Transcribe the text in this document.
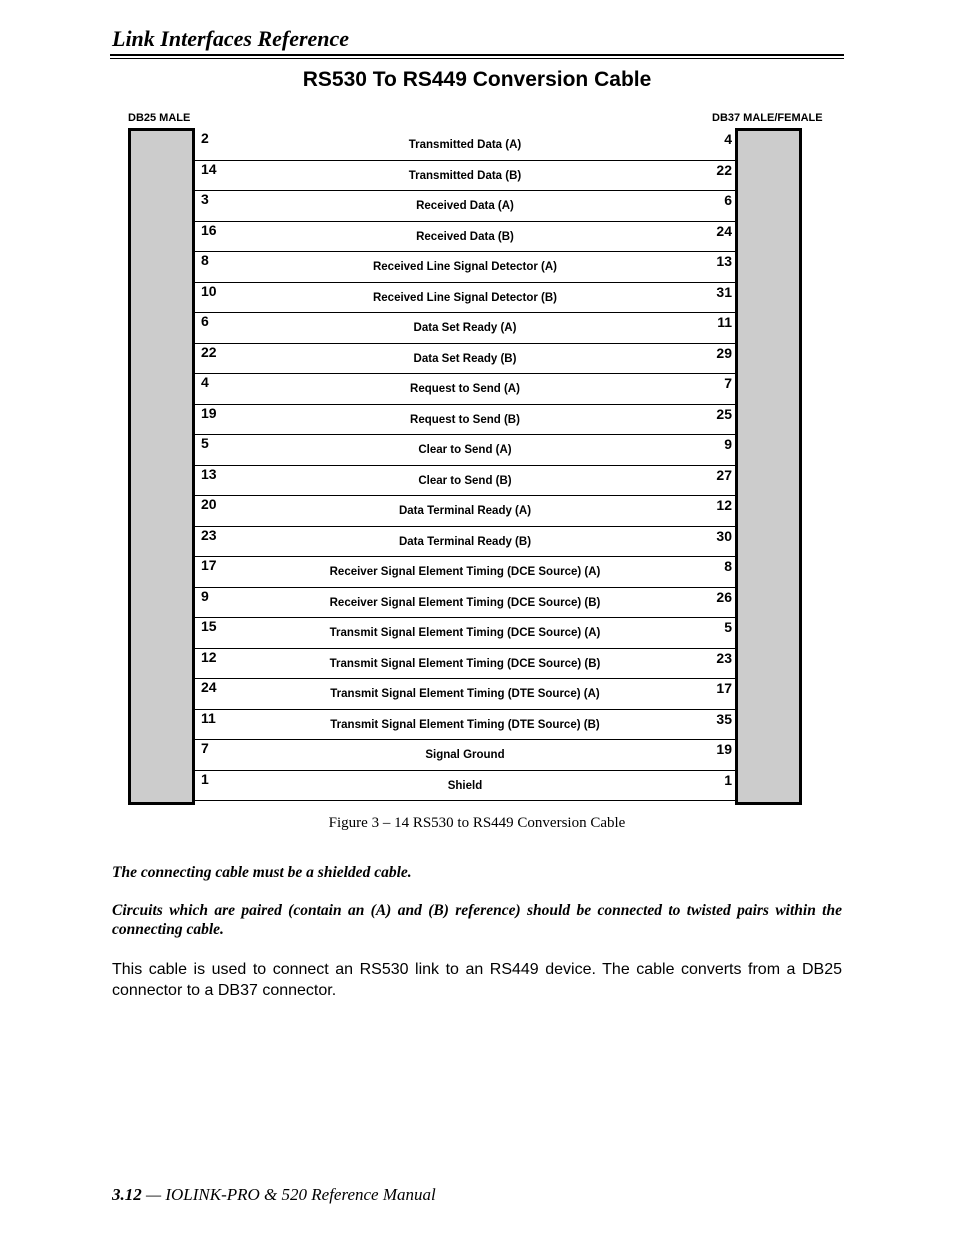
Link Interfaces Reference
RS530 To RS449 Conversion Cable
DB25 MALE	DB37 MALE/FEMALE
2	Transmitted Data (A)	4
14	Transmitted Data (B)	22
3	Received Data (A)	6
16	Received Data (B)	24
8	Received Line Signal Detector (A)	13
10	Received Line Signal Detector (B)	31
6	Data Set Ready (A)	11
22	Data Set Ready (B)	29
4	Request to Send (A)	7
19	Request to Send (B)	25
5	Clear to Send (A)	9
13	Clear to Send (B)	27
20	Data Terminal Ready (A)	12
23	Data Terminal Ready (B)	30
17	Receiver Signal Element Timing (DCE Source) (A)	8
9	Receiver Signal Element Timing (DCE Source) (B)	26
15	Transmit Signal Element Timing (DCE Source) (A)	5
12	Transmit Signal Element Timing (DCE Source) (B)	23
24	Transmit Signal Element Timing (DTE Source) (A)	17
11	Transmit Signal Element Timing (DTE Source) (B)	35
7	Signal Ground	19
1	Shield	1
Figure 3 – 14 RS530 to RS449 Conversion Cable
The connecting cable must be a shielded cable.
Circuits which are paired (contain an (A) and (B) reference) should be connected to twisted pairs within the connecting cable.
This cable is used to connect an RS530 link to an RS449 device. The cable converts from a DB25 connector to a DB37 connector.
3.12 — IOLINK-PRO & 520 Reference Manual
